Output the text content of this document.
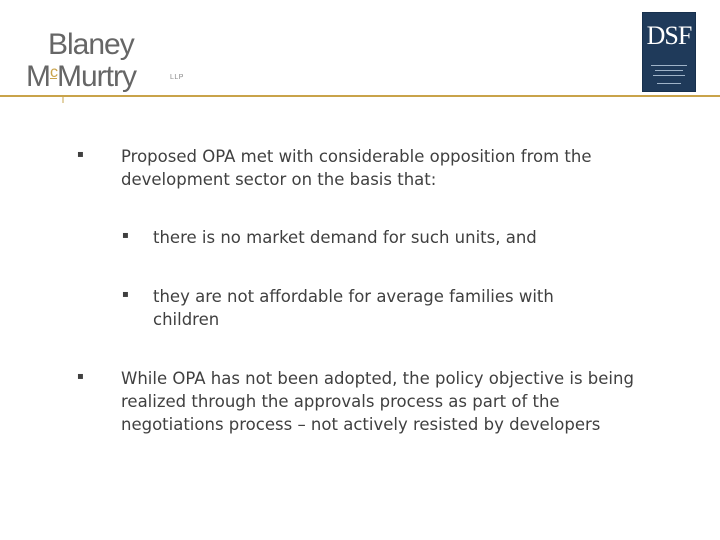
Blaney
$M^cMurtry$	LLP
DSF
▪ Proposed OPA met with considerable opposition from the development sector on the basis that:
▪ there is no market demand for such units, and
▪ they are not affordable for average families with children
▪ While OPA has not been adopted, the policy objective is being realized through the approvals process as part of the negotiations process – not actively resisted by developers
